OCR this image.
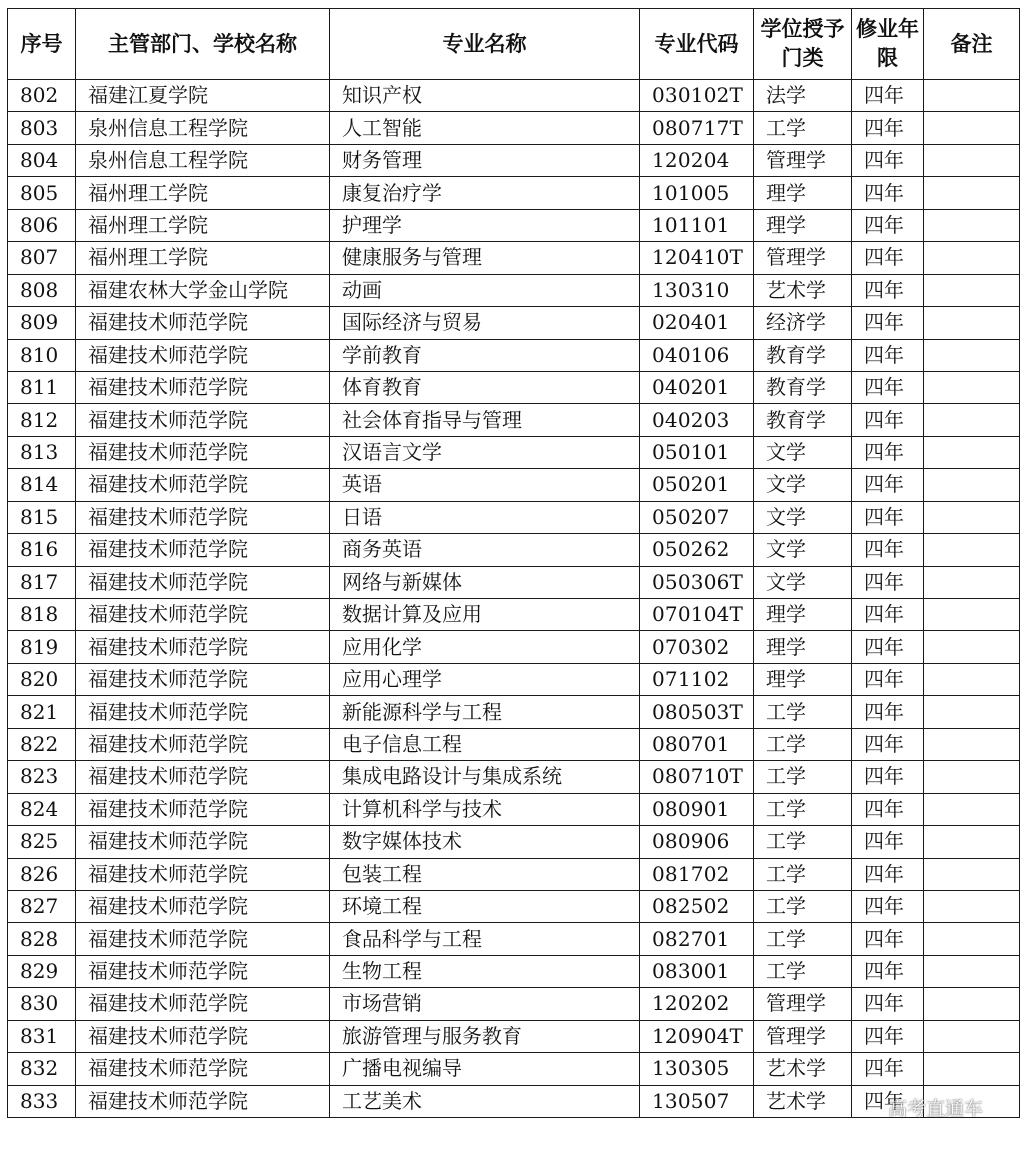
序号	主管部门、学校名称	专业名称	专业代码	学位授予门类	修业年限	备注
802	福建江夏学院	知识产权	030102T	法学	四年	
803	泉州信息工程学院	人工智能	080717T	工学	四年	
804	泉州信息工程学院	财务管理	120204	管理学	四年	
805	福州理工学院	康复治疗学	101005	理学	四年	
806	福州理工学院	护理学	101101	理学	四年	
807	福州理工学院	健康服务与管理	120410T	管理学	四年	
808	福建农林大学金山学院	动画	130310	艺术学	四年	
809	福建技术师范学院	国际经济与贸易	020401	经济学	四年	
810	福建技术师范学院	学前教育	040106	教育学	四年	
811	福建技术师范学院	体育教育	040201	教育学	四年	
812	福建技术师范学院	社会体育指导与管理	040203	教育学	四年	
813	福建技术师范学院	汉语言文学	050101	文学	四年	
814	福建技术师范学院	英语	050201	文学	四年	
815	福建技术师范学院	日语	050207	文学	四年	
816	福建技术师范学院	商务英语	050262	文学	四年	
817	福建技术师范学院	网络与新媒体	050306T	文学	四年	
818	福建技术师范学院	数据计算及应用	070104T	理学	四年	
819	福建技术师范学院	应用化学	070302	理学	四年	
820	福建技术师范学院	应用心理学	071102	理学	四年	
821	福建技术师范学院	新能源科学与工程	080503T	工学	四年	
822	福建技术师范学院	电子信息工程	080701	工学	四年	
823	福建技术师范学院	集成电路设计与集成系统	080710T	工学	四年	
824	福建技术师范学院	计算机科学与技术	080901	工学	四年	
825	福建技术师范学院	数字媒体技术	080906	工学	四年	
826	福建技术师范学院	包装工程	081702	工学	四年	
827	福建技术师范学院	环境工程	082502	工学	四年	
828	福建技术师范学院	食品科学与工程	082701	工学	四年	
829	福建技术师范学院	生物工程	083001	工学	四年	
830	福建技术师范学院	市场营销	120202	管理学	四年	
831	福建技术师范学院	旅游管理与服务教育	120904T	管理学	四年	
832	福建技术师范学院	广播电视编导	130305	艺术学	四年	
833	福建技术师范学院	工艺美术	130507	艺术学	四年	
高考直通车
